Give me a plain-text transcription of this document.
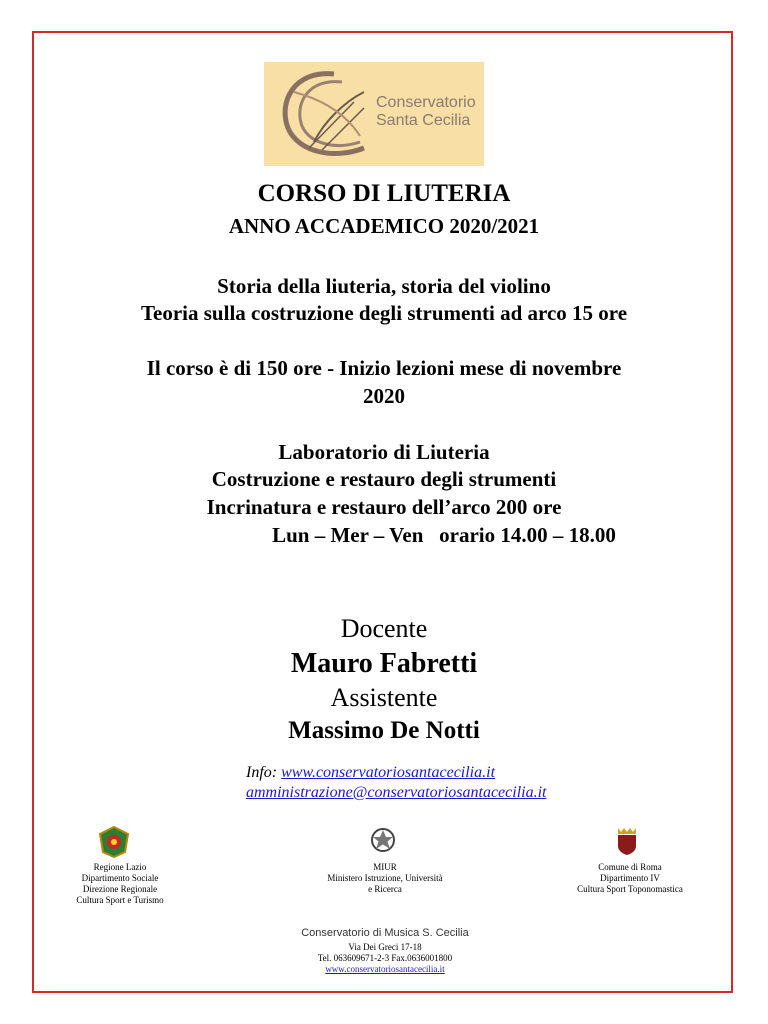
Conservatorio
Santa Cecilia
CORSO DI LIUTERIA
ANNO ACCADEMICO 2020/2021
Storia della liuteria, storia del violino
Teoria sulla costruzione degli strumenti ad arco 15 ore
Il corso è di 150 ore - Inizio lezioni mese di novembre
2020
Laboratorio di Liuteria
Costruzione e restauro degli strumenti
Incrinatura e restauro dell’arco 200 ore
Lun – Mer – Ven   orario 14.00 – 18.00
Docente
Mauro Fabretti
Assistente
Massimo De Notti
Info: www.conservatoriosantacecilia.it
amministrazione@conservatoriosantacecilia.it
Regione Lazio
Dipartimento Sociale
Direzione Regionale
Cultura Sport e Turismo
MIUR
Ministero Istruzione, Università
e Ricerca
Comune di Roma
Dipartimento IV
Cultura Sport Toponomastica
Conservatorio di Musica S. Cecilia
Via Dei Greci 17-18
Tel. 063609671-2-3 Fax.0636001800
www.conservatoriosantacecilia.it
